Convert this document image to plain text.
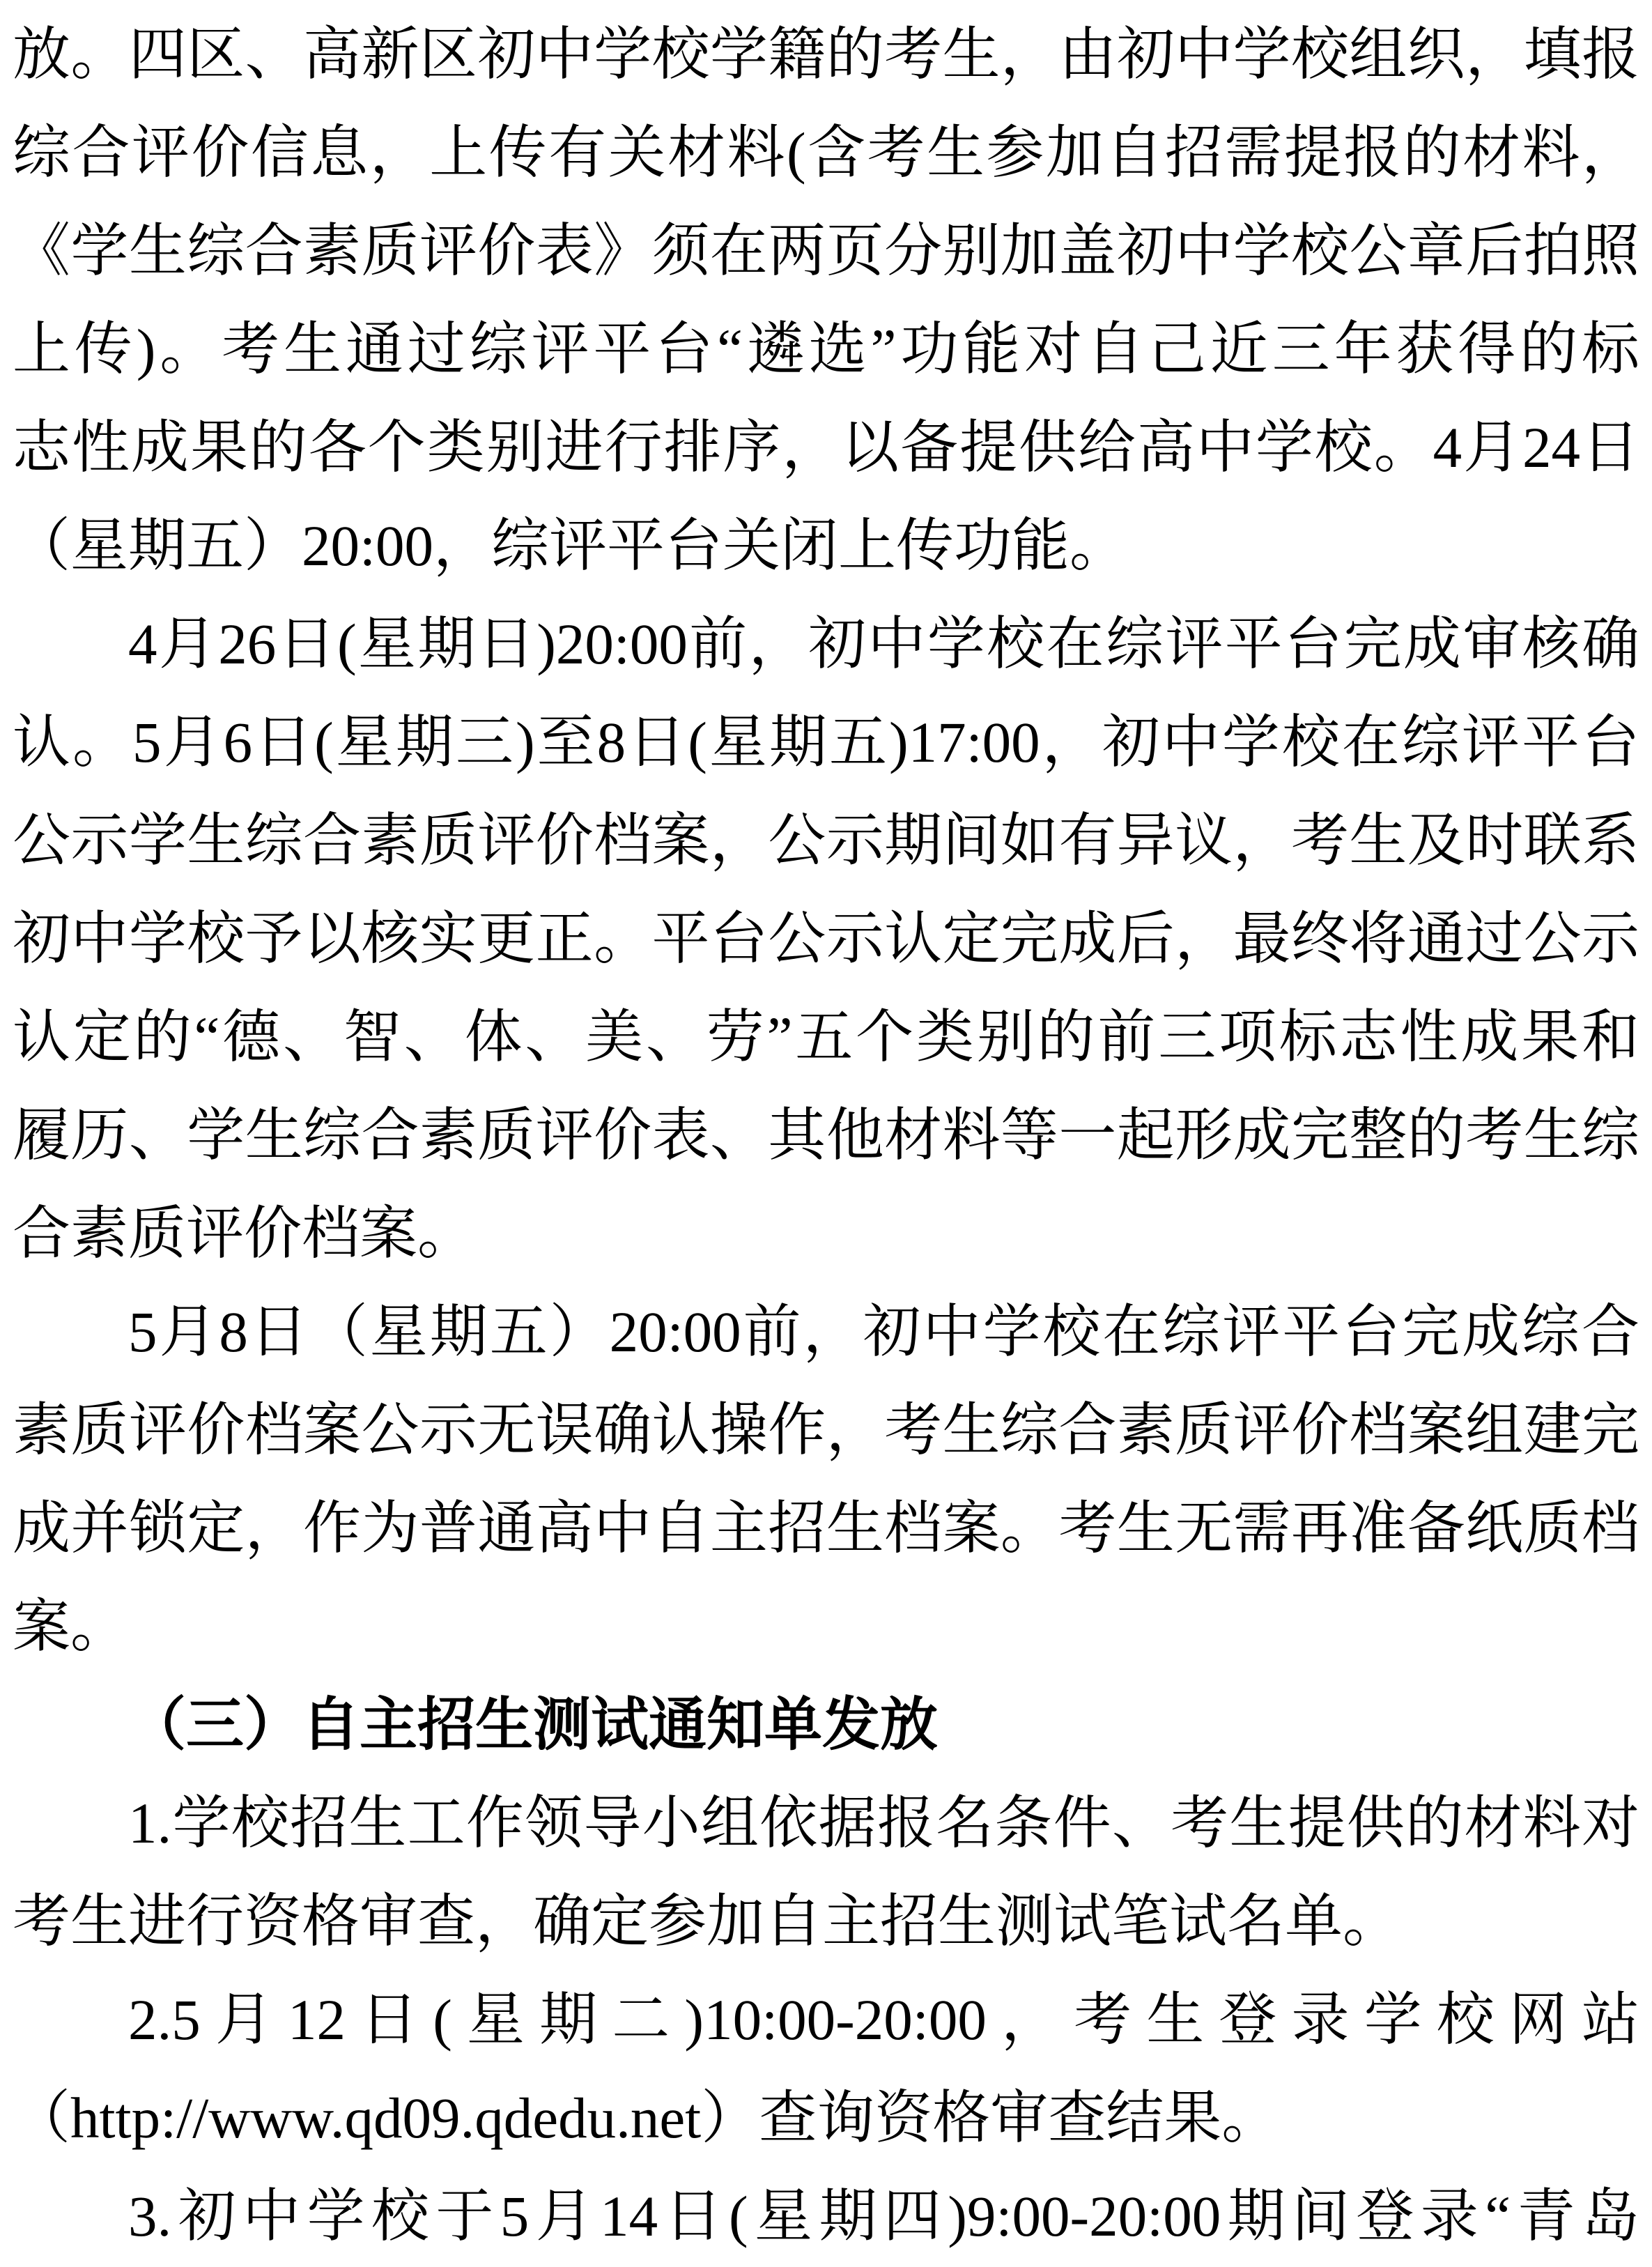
放。四区、高新区初中学校学籍的考生，由初中学校组织，填报
综合评价信息，上传有关材料(含考生参加自招需提报的材料，
《学生综合素质评价表》须在两页分别加盖初中学校公章后拍照
上传)。考生通过综评平台“遴选”功能对自己近三年获得的标
志性成果的各个类别进行排序，以备提供给高中学校。4月24日
（星期五）20:00，综评平台关闭上传功能。
4月26日(星期日)20:00前，初中学校在综评平台完成审核确
认。5月6日(星期三)至8日(星期五)17:00，初中学校在综评平台
公示学生综合素质评价档案，公示期间如有异议，考生及时联系
初中学校予以核实更正。平台公示认定完成后，最终将通过公示
认定的“德、智、体、美、劳”五个类别的前三项标志性成果和
履历、学生综合素质评价表、其他材料等一起形成完整的考生综
合素质评价档案。
5月8日（星期五）20:00前，初中学校在综评平台完成综合
素质评价档案公示无误确认操作，考生综合素质评价档案组建完
成并锁定，作为普通高中自主招生档案。考生无需再准备纸质档
案。
（三）自主招生测试通知单发放
1.学校招生工作领导小组依据报名条件、考生提供的材料对
考生进行资格审查，确定参加自主招生测试笔试名单。
2.5月12日(星期二)10:00-20:00，考生登录学校网站
（http://www.qd09.qdedu.net）查询资格审查结果。
3.初中学校于5月14日(星期四)9:00-20:00期间登录“青岛
